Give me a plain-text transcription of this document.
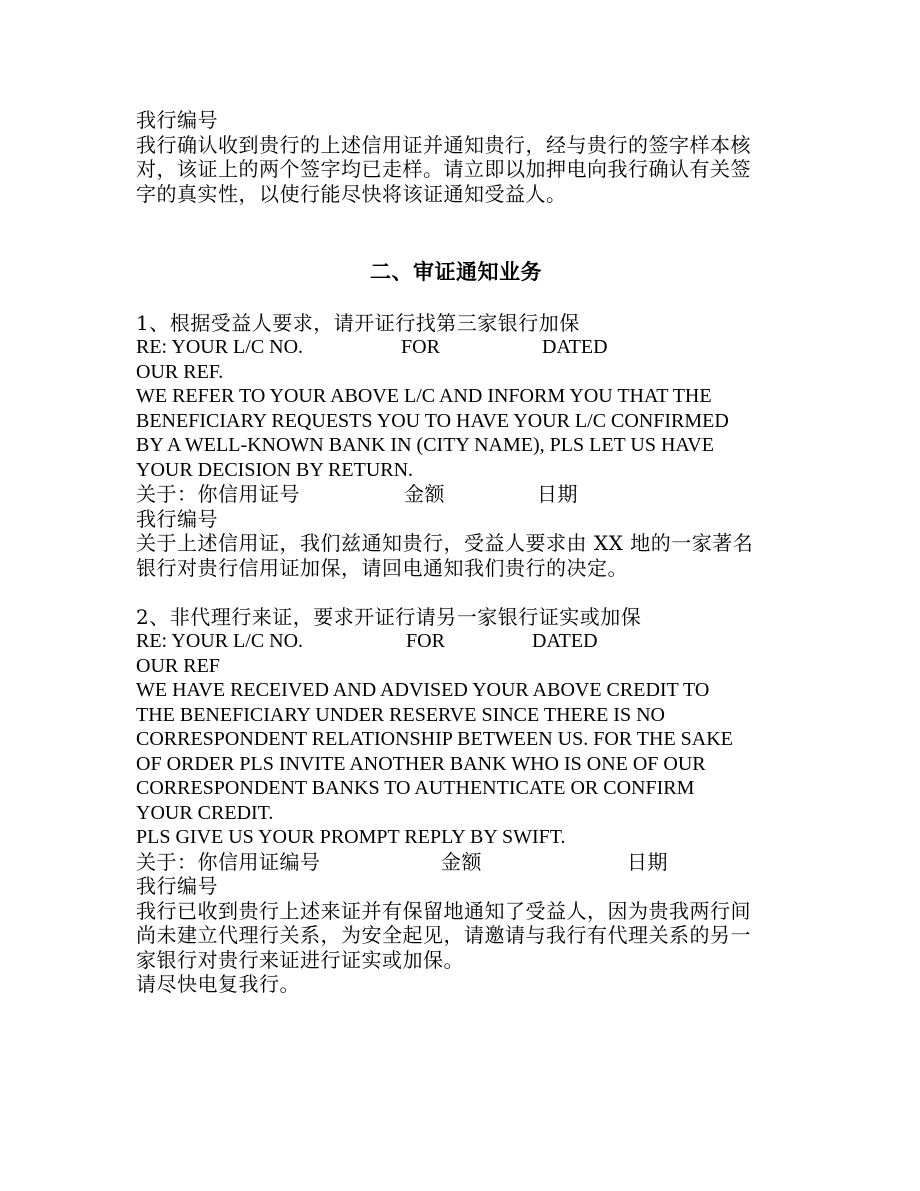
我行编号
我行确认收到贵行的上述信用证并通知贵行，经与贵行的签字样本核
对，该证上的两个签字均已走样。请立即以加押电向我行确认有关签
字的真实性，以使行能尽快将该证通知受益人。
二、审证通知业务
1、根据受益人要求，请开证行找第三家银行加保
RE: YOUR L/C NO.	FOR	DATED
OUR REF.
WE REFER TO YOUR ABOVE L/C AND INFORM YOU THAT THE
BENEFICIARY REQUESTS YOU TO HAVE YOUR L/C CONFIRMED
BY A WELL-KNOWN BANK IN (CITY NAME), PLS LET US HAVE
YOUR DECISION BY RETURN.
关于：你信用证号	金额	日期
我行编号
关于上述信用证，我们兹通知贵行，受益人要求由 XX 地的一家著名
银行对贵行信用证加保，请回电通知我们贵行的决定。
2、非代理行来证，要求开证行请另一家银行证实或加保
RE: YOUR L/C NO.	FOR	DATED
OUR REF
WE HAVE RECEIVED AND ADVISED YOUR ABOVE CREDIT TO
THE BENEFICIARY UNDER RESERVE SINCE THERE IS NO
CORRESPONDENT RELATIONSHIP BETWEEN US. FOR THE SAKE
OF ORDER PLS INVITE ANOTHER BANK WHO IS ONE OF OUR
CORRESPONDENT BANKS TO AUTHENTICATE OR CONFIRM
YOUR CREDIT.
PLS GIVE US YOUR PROMPT REPLY BY SWIFT.
关于：你信用证编号	金额	日期
我行编号
我行已收到贵行上述来证并有保留地通知了受益人，因为贵我两行间
尚未建立代理行关系，为安全起见，请邀请与我行有代理关系的另一
家银行对贵行来证进行证实或加保。
请尽快电复我行。
